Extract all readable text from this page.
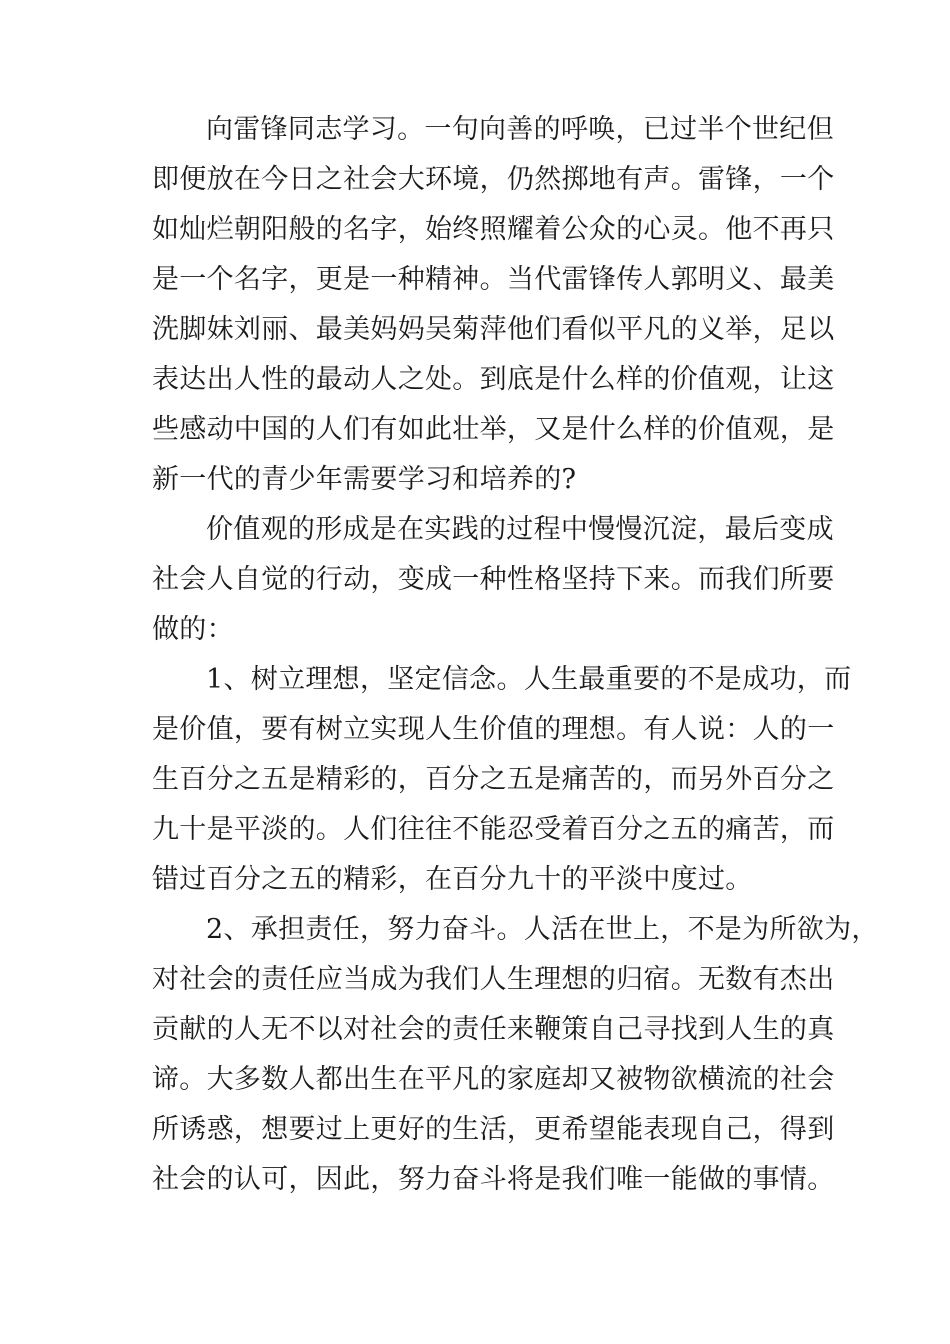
向雷锋同志学习。一句向善的呼唤，已过半个世纪但

即便放在今日之社会大环境，仍然掷地有声。雷锋，一个

如灿烂朝阳般的名字，始终照耀着公众的心灵。他不再只

是一个名字，更是一种精神。当代雷锋传人郭明义、最美

洗脚妹刘丽、最美妈妈吴菊萍他们看似平凡的义举，足以

表达出人性的最动人之处。到底是什么样的价值观，让这

些感动中国的人们有如此壮举，又是什么样的价值观，是

新一代的青少年需要学习和培养的?

价值观的形成是在实践的过程中慢慢沉淀，最后变成

社会人自觉的行动，变成一种性格坚持下来。而我们所要

做的：

1、树立理想，坚定信念。人生最重要的不是成功，而

是价值，要有树立实现人生价值的理想。有人说：人的一

生百分之五是精彩的，百分之五是痛苦的，而另外百分之

九十是平淡的。人们往往不能忍受着百分之五的痛苦，而

错过百分之五的精彩，在百分九十的平淡中度过。

2、承担责任，努力奋斗。人活在世上，不是为所欲为，

对社会的责任应当成为我们人生理想的归宿。无数有杰出

贡献的人无不以对社会的责任来鞭策自己寻找到人生的真

谛。大多数人都出生在平凡的家庭却又被物欲横流的社会

所诱惑，想要过上更好的生活，更希望能表现自己，得到

社会的认可，因此，努力奋斗将是我们唯一能做的事情。
